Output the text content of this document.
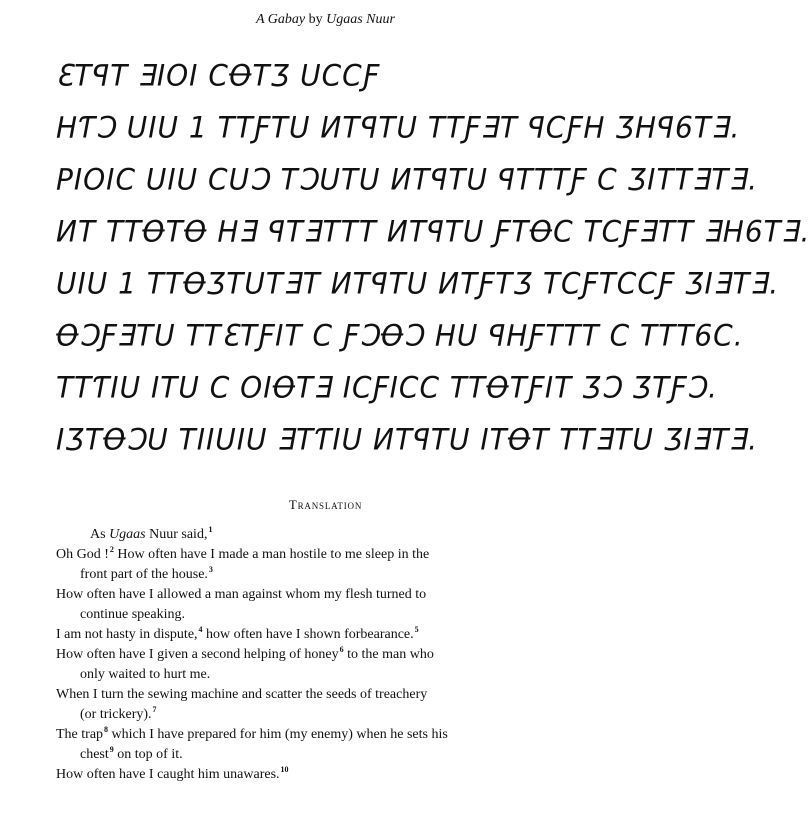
A Gabay by Ugaas Nuur
ƐTꟼT ƎIOI CꝊTƷ UCCƑ
HƬƆ UIU 1 TTƑTU ИTꟼTU TTƑƎT ꟼCƑH ƷHꟼ6TƎ.
PIOIC UIU CUƆ TƆUTU ИTꟼTU ꟼTTTƑ C ƷITTƎTƎ.
ИT TTꝊTꝊ HƎ ꟼTƎTTT ИTꟼTU ƑTꝊC TCƑƎTT ƎH6TƎ.
UIU 1 TTꝊƷTUTƎT ИTꟼTU ИTƑTƷ TCƑTCCƑ ƷIƎTƎ.
ꝊƆƑƎTU TTƐTƑIT C ƑƆꝊƆ HU ꟼHƑTTT C TTT6C.
TTƬIU ITU C OIꝊTƎ ICƑICC TTꝊTƑIT ƷƆ ƷTƑƆ.
IƷTꝊƆU TIIUIU ƎTƬIU ИTꟼTU ITꝊT TTƎTU ƷIƎTƎ.
Translation
As Ugaas Nuur said,$^1$
Oh God !$^2$ How often have I made a man hostile to me sleep in the
front part of the house.$^3$
How often have I allowed a man against whom my flesh turned to
continue speaking.
I am not hasty in dispute,$^4$ how often have I shown forbearance.$^5$
How often have I given a second helping of honey$^6$ to the man who
only waited to hurt me.
When I turn the sewing machine and scatter the seeds of treachery
(or trickery).$^7$
The trap$^8$ which I have prepared for him (my enemy) when he sets his
chest$^9$ on top of it.
How often have I caught him unawares.$^{10}$
